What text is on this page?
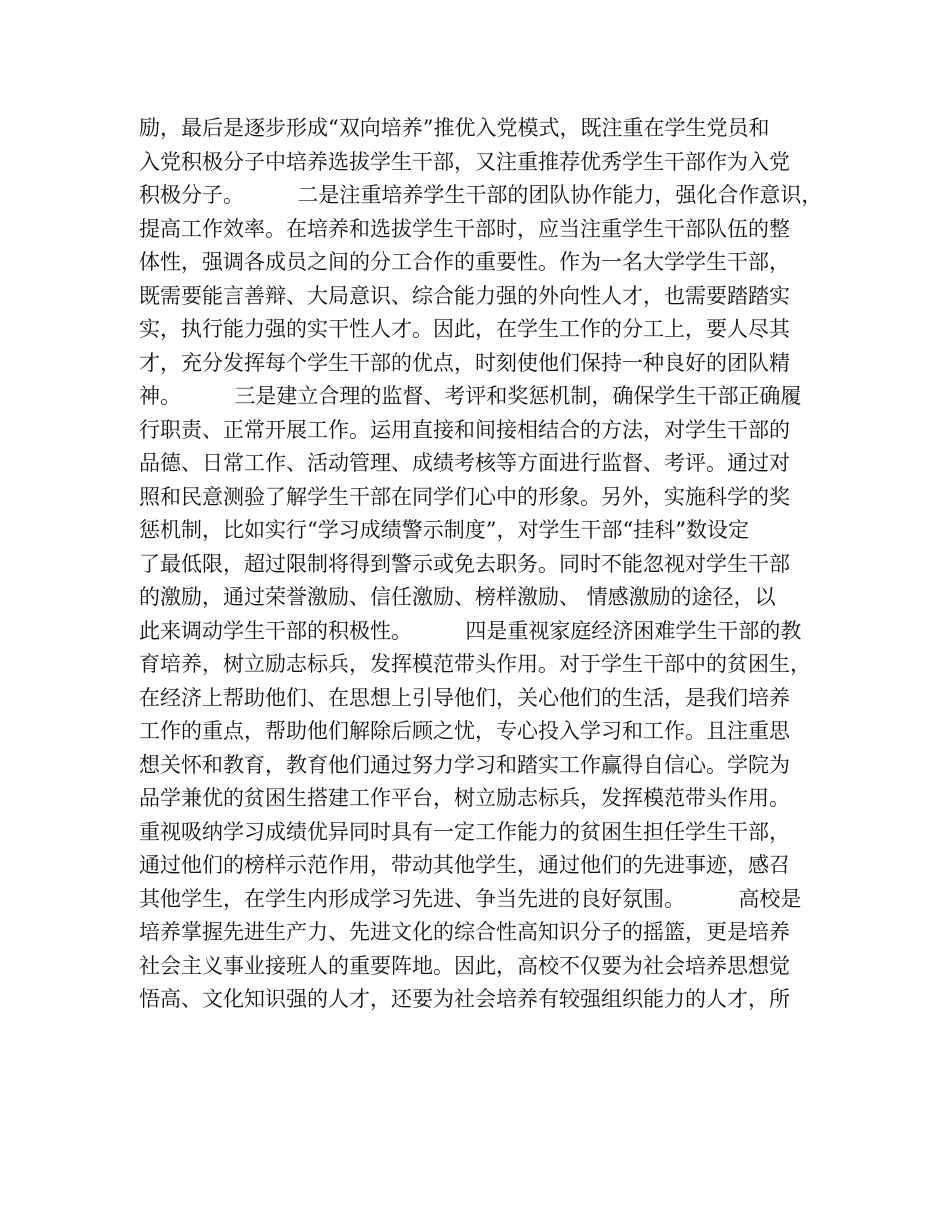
励，最后是逐步形成“双向培养”推优入党模式，既注重在学生党员和
入党积极分子中培养选拔学生干部，又注重推荐优秀学生干部作为入党
积极分子。        二是注重培养学生干部的团队协作能力，强化合作意识，
提高工作效率。在培养和选拔学生干部时，应当注重学生干部队伍的整
体性，强调各成员之间的分工合作的重要性。作为一名大学学生干部，
既需要能言善辩、大局意识、综合能力强的外向性人才，也需要踏踏实
实，执行能力强的实干性人才。因此，在学生工作的分工上，要人尽其
才，充分发挥每个学生干部的优点，时刻使他们保持一种良好的团队精
神。        三是建立合理的监督、考评和奖惩机制，确保学生干部正确履
行职责、正常开展工作。运用直接和间接相结合的方法，对学生干部的
品德、日常工作、活动管理、成绩考核等方面进行监督、考评。通过对
照和民意测验了解学生干部在同学们心中的形象。另外，实施科学的奖
惩机制，比如实行“学习成绩警示制度”，对学生干部“挂科”数设定
了最低限，超过限制将得到警示或免去职务。同时不能忽视对学生干部
的激励，通过荣誉激励、信任激励、榜样激励、 情感激励的途径，以
此来调动学生干部的积极性。        四是重视家庭经济困难学生干部的教
育培养，树立励志标兵，发挥模范带头作用。对于学生干部中的贫困生，
在经济上帮助他们、在思想上引导他们，关心他们的生活，是我们培养
工作的重点，帮助他们解除后顾之忧，专心投入学习和工作。且注重思
想关怀和教育，教育他们通过努力学习和踏实工作赢得自信心。学院为
品学兼优的贫困生搭建工作平台，树立励志标兵，发挥模范带头作用。
重视吸纳学习成绩优异同时具有一定工作能力的贫困生担任学生干部，
通过他们的榜样示范作用，带动其他学生，通过他们的先进事迹，感召
其他学生，在学生内形成学习先进、争当先进的良好氛围。        高校是
培养掌握先进生产力、先进文化的综合性高知识分子的摇篮，更是培养
社会主义事业接班人的重要阵地。因此，高校不仅要为社会培养思想觉
悟高、文化知识强的人才，还要为社会培养有较强组织能力的人才，所
